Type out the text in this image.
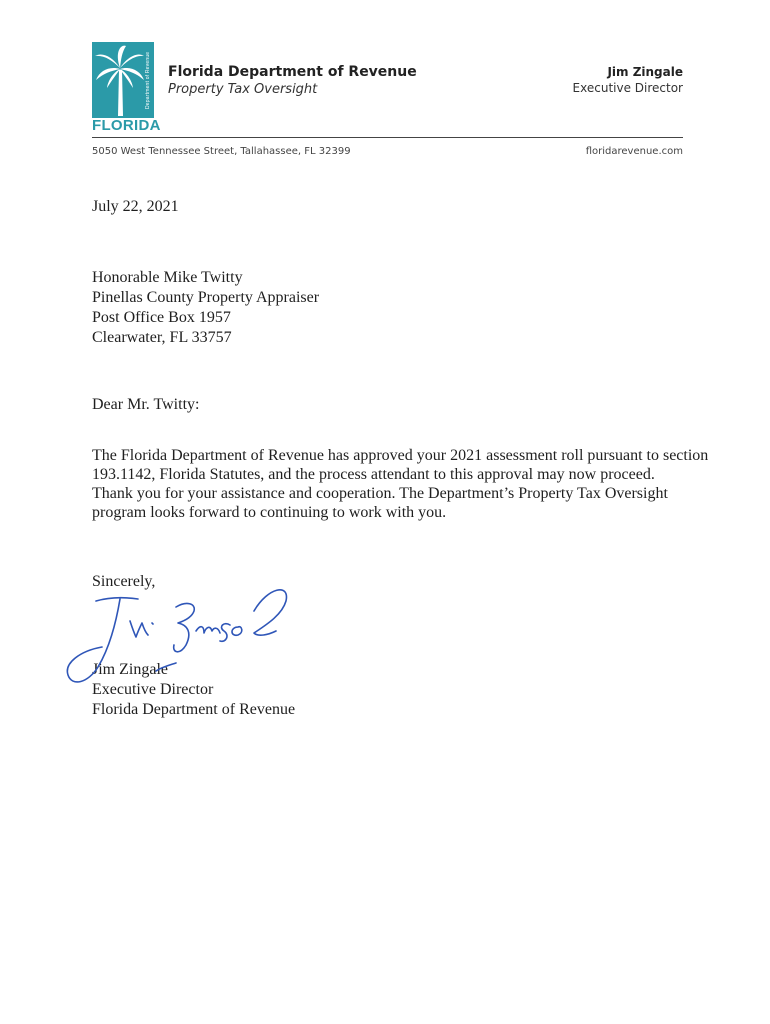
Department of Revenue
FLORIDA
Florida Department of Revenue
Property Tax Oversight
Jim Zingale
Executive Director
5050 West Tennessee Street, Tallahassee, FL 32399	floridarevenue.com
July 22, 2021
Honorable Mike Twitty
Pinellas County Property Appraiser
Post Office Box 1957
Clearwater, FL 33757
Dear Mr. Twitty:
The Florida Department of Revenue has approved your 2021 assessment roll pursuant to section
193.1142, Florida Statutes, and the process attendant to this approval may now proceed.
Thank you for your assistance and cooperation. The Department’s Property Tax Oversight
program looks forward to continuing to work with you.
Sincerely,
Jim Zingale
Executive Director
Florida Department of Revenue
